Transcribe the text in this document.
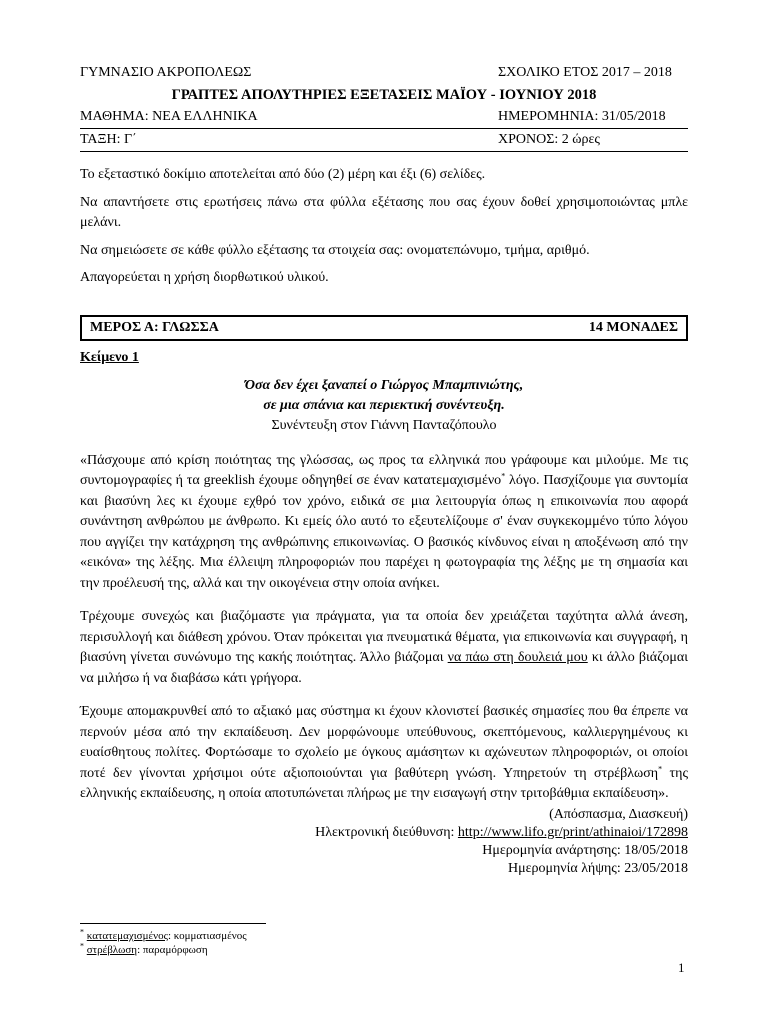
ΓΥΜΝΑΣΙΟ ΑΚΡΟΠΟΛΕΩΣ	ΣΧΟΛΙΚΟ ΕΤΟΣ 2017 – 2018
ΓΡΑΠΤΕΣ ΑΠΟΛΥΤΗΡΙΕΣ ΕΞΕΤΑΣΕΙΣ ΜΑΪΟΥ - ΙΟΥΝΙΟΥ 2018
ΜΑΘΗΜΑ: ΝΕΑ ΕΛΛΗΝΙΚΑ	ΗΜΕΡΟΜΗΝΙΑ: 31/05/2018
ΤΑΞΗ: Γ΄	ΧΡΟΝΟΣ: 2 ώρες

Το εξεταστικό δοκίμιο αποτελείται από δύο (2) μέρη και έξι (6) σελίδες.

Να απαντήσετε στις ερωτήσεις πάνω στα φύλλα εξέτασης που σας έχουν δοθεί χρησιμοποιώντας μπλε μελάνι.

Να σημειώσετε σε κάθε φύλλο εξέτασης τα στοιχεία σας: ονοματεπώνυμο, τμήμα, αριθμό.

Απαγορεύεται η χρήση διορθωτικού υλικού.

ΜΕΡΟΣ Α: ΓΛΩΣΣΑ	14 ΜΟΝΑΔΕΣ
Κείμενο 1
Όσα δεν έχει ξαναπεί ο Γιώργος Μπαμπινιώτης,
σε μια σπάνια και περιεκτική συνέντευξη.
Συνέντευξη στον Γιάννη Πανταζόπουλο

«Πάσχουμε από κρίση ποιότητας της γλώσσας, ως προς τα ελληνικά που γράφουμε και μιλούμε. Με τις συντομογραφίες ή τα greeklish έχουμε οδηγηθεί σε έναν κατατεμαχισμένο* λόγο. Πασχίζουμε για συντομία και βιασύνη λες κι έχουμε εχθρό τον χρόνο, ειδικά σε μια λειτουργία όπως η επικοινωνία που αφορά συνάντηση ανθρώπου με άνθρωπο. Κι εμείς όλο αυτό το εξευτελίζουμε σ' έναν συγκεκομμένο τύπο λόγου που αγγίζει την κατάχρηση της ανθρώπινης επικοινωνίας. Ο βασικός κίνδυνος είναι η αποξένωση από την «εικόνα» της λέξης. Μια έλλειψη πληροφοριών που παρέχει η φωτογραφία της λέξης με τη σημασία και την προέλευσή της, αλλά και την οικογένεια στην οποία ανήκει.

Τρέχουμε συνεχώς και βιαζόμαστε για πράγματα, για τα οποία δεν χρειάζεται ταχύτητα αλλά άνεση, περισυλλογή και διάθεση χρόνου. Όταν πρόκειται για πνευματικά θέματα, για επικοινωνία και συγγραφή, η βιασύνη γίνεται συνώνυμο της κακής ποιότητας. Άλλο βιάζομαι να πάω στη δουλειά μου κι άλλο βιάζομαι να μιλήσω ή να διαβάσω κάτι γρήγορα.

Έχουμε απομακρυνθεί από το αξιακό μας σύστημα κι έχουν κλονιστεί βασικές σημασίες που θα έπρεπε να περνούν μέσα από την εκπαίδευση. Δεν μορφώνουμε υπεύθυνους, σκεπτόμενους, καλλιεργημένους κι ευαίσθητους πολίτες. Φορτώσαμε το σχολείο με όγκους αμάσητων κι αχώνευτων πληροφοριών, οι οποίοι ποτέ δεν γίνονται χρήσιμοι ούτε αξιοποιούνται για βαθύτερη γνώση. Υπηρετούν τη στρέβλωση* της ελληνικής εκπαίδευσης, η οποία αποτυπώνεται πλήρως με την εισαγωγή στην τριτοβάθμια εκπαίδευση».

(Απόσπασμα, Διασκευή)
Ηλεκτρονική διεύθυνση: http://www.lifo.gr/print/athinaioi/172898
Ημερομηνία ανάρτησης: 18/05/2018
Ημερομηνία λήψης: 23/05/2018
* κατατεμαχισμένος: κομματιασμένος
* στρέβλωση: παραμόρφωση
1
